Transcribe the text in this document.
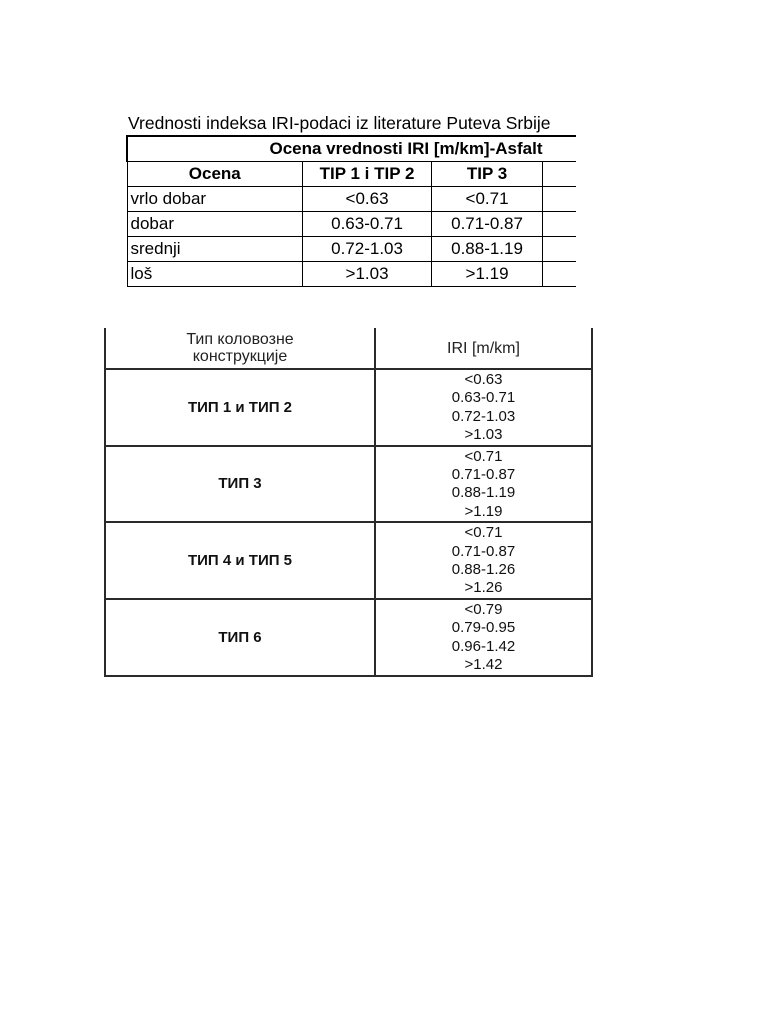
Vrednosti indeksa IRI-podaci iz literature Puteva Srbije
Ocena vrednosti IRI [m/km]-Asfalt			
Ocena	TIP 1 i TIP 2	TIP 3	
vrlo dobar	<0.63	<0.71	
dobar	0.63-0.71	0.71-0.87	
srednji	0.72-1.03	0.88-1.19	
loš	>1.03	>1.19	
Тип коловозне
конструкције	IRI [m/km]
ТИП 1 и ТИП 2	<0.63
0.63-0.71
0.72-1.03
>1.03

ТИП 3	<0.71
0.71-0.87
0.88-1.19
>1.19

ТИП 4 и ТИП 5	<0.71
0.71-0.87
0.88-1.26
>1.26

ТИП 6	<0.79
0.79-0.95
0.96-1.42
>1.42
